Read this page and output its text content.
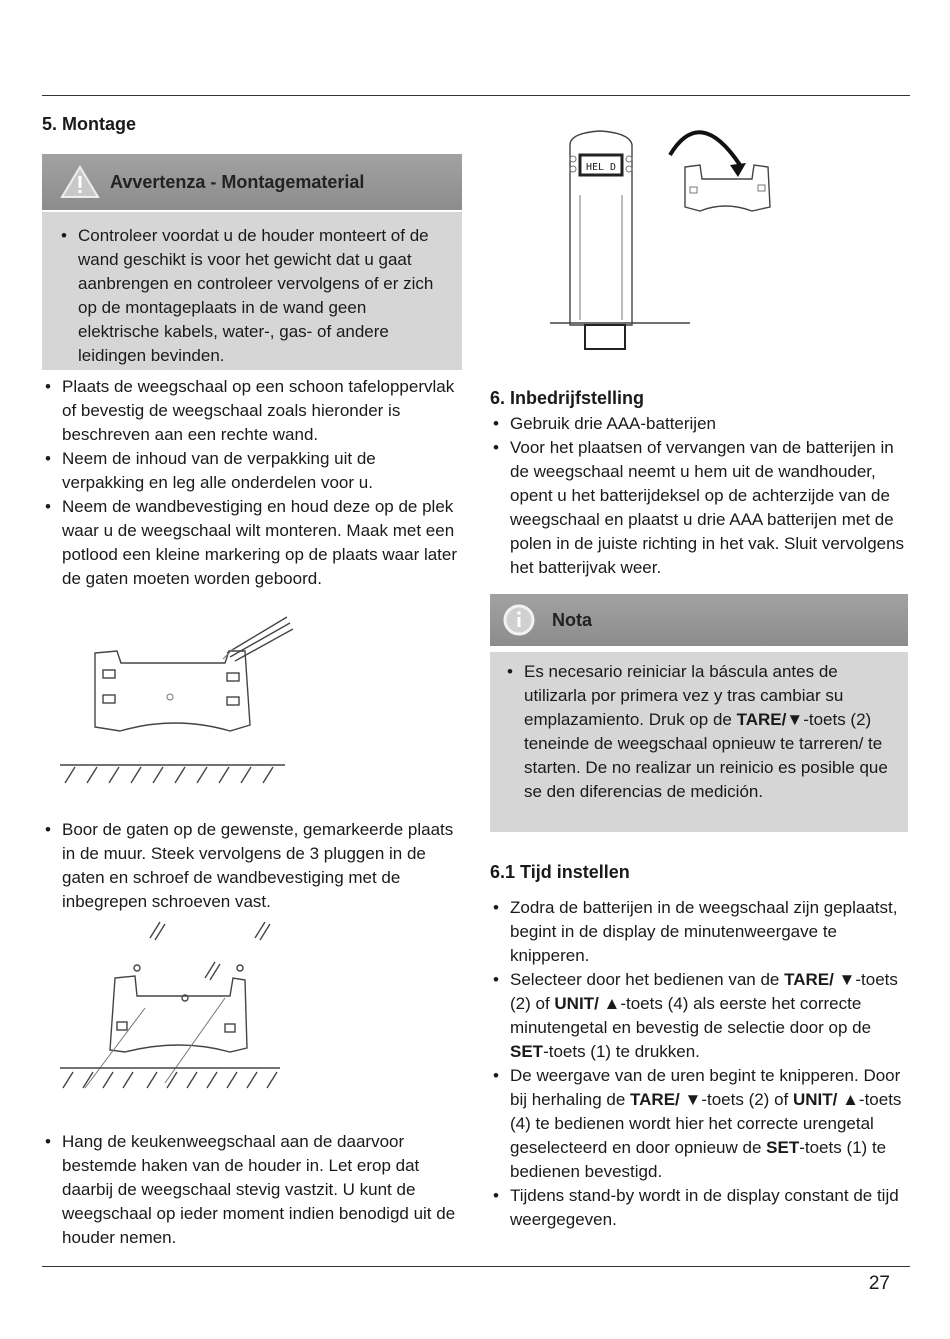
5. Montage
Avvertenza - Montagematerial
• Controleer voordat u de houder monteert of de wand geschikt is voor het gewicht dat u gaat aanbrengen en controleer vervolgens of er zich op de montageplaats in de wand geen elektrische kabels, water-, gas- of andere leidingen bevinden.
• Plaats de weegschaal op een schoon tafeloppervlak of bevestig de weegschaal zoals hieronder is beschreven aan een rechte wand.
• Neem de inhoud van de verpakking uit de verpakking en leg alle onderdelen voor u.
• Neem de wandbevestiging en houd deze op de plek waar u de weegschaal wilt monteren. Maak met een potlood een kleine markering op de plaats waar later de gaten moeten worden geboord.
• Boor de gaten op de gewenste, gemarkeerde plaats in de muur. Steek vervolgens de 3 pluggen in de gaten en schroef de wandbevestiging met de inbegrepen schroeven vast.
• Hang de keukenweegschaal aan de daarvoor bestemde haken van de houder in. Let erop dat daarbij de weegschaal stevig vastzit. U kunt de weegschaal op ieder moment indien benodigd uit de houder nemen.
HEL D
6. Inbedrijfstelling
• Gebruik drie AAA-batterijen
• Voor het plaatsen of vervangen van de batterijen in de weegschaal neemt u hem uit de wandhouder, opent u het batterijdeksel op de achterzijde van de weegschaal en plaatst u drie AAA batterijen met de polen in de juiste richting in het vak. Sluit vervolgens het batterijvak weer.
Nota
• Es necesario reiniciar la báscula antes de utilizarla por primera vez y tras cambiar su emplazamiento. Druk op de TARE/▼-toets (2) teneinde de weegschaal opnieuw te tarreren/ te starten. De no realizar un reinicio es posible que se den diferencias de medición.
6.1 Tijd instellen
• Zodra de batterijen in de weegschaal zijn geplaatst, begint in de display de minutenweergave te knipperen.
• Selecteer door het bedienen van de TARE/ ▼-toets (2) of UNIT/ ▲-toets (4) als eerste het correcte minutengetal en bevestig de selectie door op de SET-toets (1) te drukken.
• De weergave van de uren begint te knipperen. Door bij herhaling de TARE/ ▼-toets (2) of UNIT/ ▲-toets (4) te bedienen wordt hier het correcte urengetal geselecteerd en door opnieuw de SET-toets (1) te bedienen bevestigd.
• Tijdens stand-by wordt in de display constant de tijd weergegeven.
27
